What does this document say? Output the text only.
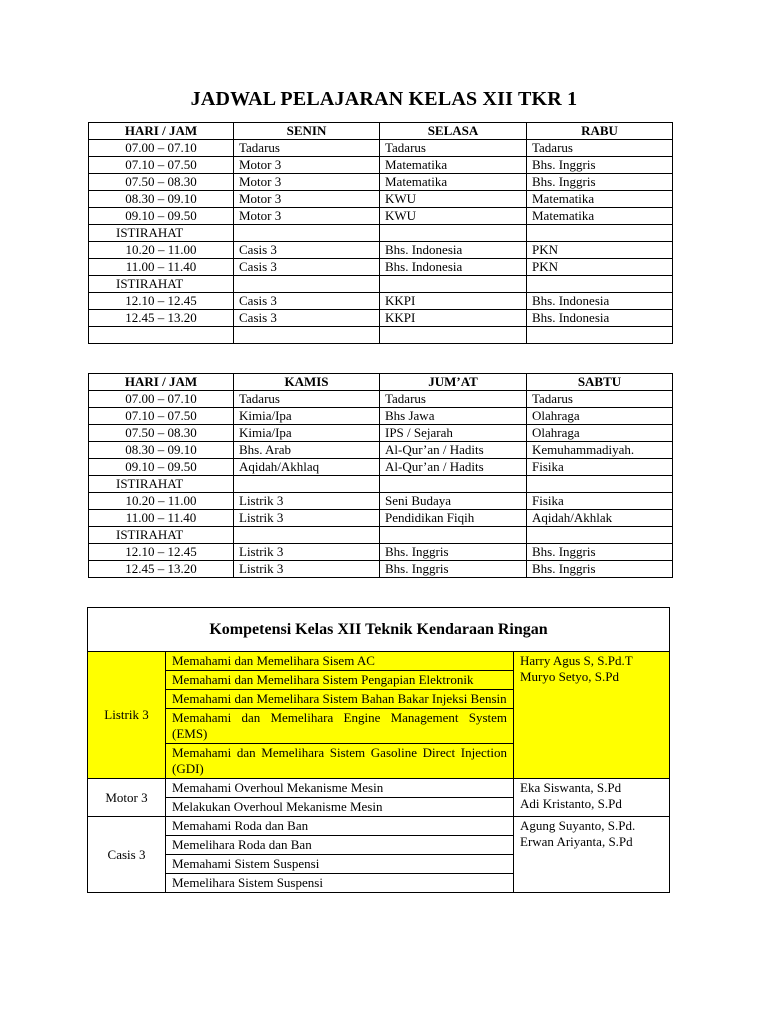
JADWAL PELAJARAN KELAS XII TKR 1
HARI / JAM	SENIN	SELASA	RABU
07.00 – 07.10	Tadarus	Tadarus	Tadarus
07.10 – 07.50	Motor 3	Matematika	Bhs. Inggris
07.50 – 08.30	Motor 3	Matematika	Bhs. Inggris
08.30 – 09.10	Motor 3	KWU	Matematika
09.10 – 09.50	Motor 3	KWU	Matematika
ISTIRAHAT			
10.20 – 11.00	Casis 3	Bhs. Indonesia	PKN
11.00 – 11.40	Casis 3	Bhs. Indonesia	PKN
ISTIRAHAT			
12.10 – 12.45	Casis 3	KKPI	Bhs. Indonesia
12.45 – 13.20	Casis 3	KKPI	Bhs. Indonesia

HARI / JAM	KAMIS	JUM’AT	SABTU
07.00 – 07.10	Tadarus	Tadarus	Tadarus
07.10 – 07.50	Kimia/Ipa	Bhs Jawa	Olahraga
07.50 – 08.30	Kimia/Ipa	IPS / Sejarah	Olahraga
08.30 – 09.10	Bhs. Arab	Al-Qur’an / Hadits	Kemuhammadiyah.
09.10 – 09.50	Aqidah/Akhlaq	Al-Qur’an / Hadits	Fisika
ISTIRAHAT			
10.20 – 11.00	Listrik 3	Seni Budaya	Fisika
11.00 – 11.40	Listrik 3	Pendidikan Fiqih	Aqidah/Akhlak
ISTIRAHAT			
12.10 – 12.45	Listrik 3	Bhs. Inggris	Bhs. Inggris
12.45 – 13.20	Listrik 3	Bhs. Inggris	Bhs. Inggris
Kompetensi Kelas XII Teknik Kendaraan Ringan		
Listrik 3	Memahami dan Memelihara Sisem AC	Harry Agus S, S.Pd.T
Muryo Setyo, S.Pd

	Memahami dan Memelihara Sistem Pengapian Elektronik	
	Memahami dan Memelihara Sistem Bahan Bakar Injeksi Bensin	
	Memahami dan Memelihara Engine Management System (EMS)	
	Memahami dan Memelihara Sistem Gasoline Direct Injection (GDI)	
Motor 3	Memahami Overhoul Mekanisme Mesin	Eka Siswanta, S.Pd
Adi Kristanto, S.Pd

	Melakukan Overhoul Mekanisme Mesin	
Casis 3	Memahami Roda dan Ban	Agung Suyanto, S.Pd.
Erwan Ariyanta, S.Pd

	Memelihara Roda dan Ban	
	Memahami Sistem Suspensi	
	Memelihara Sistem Suspensi	
